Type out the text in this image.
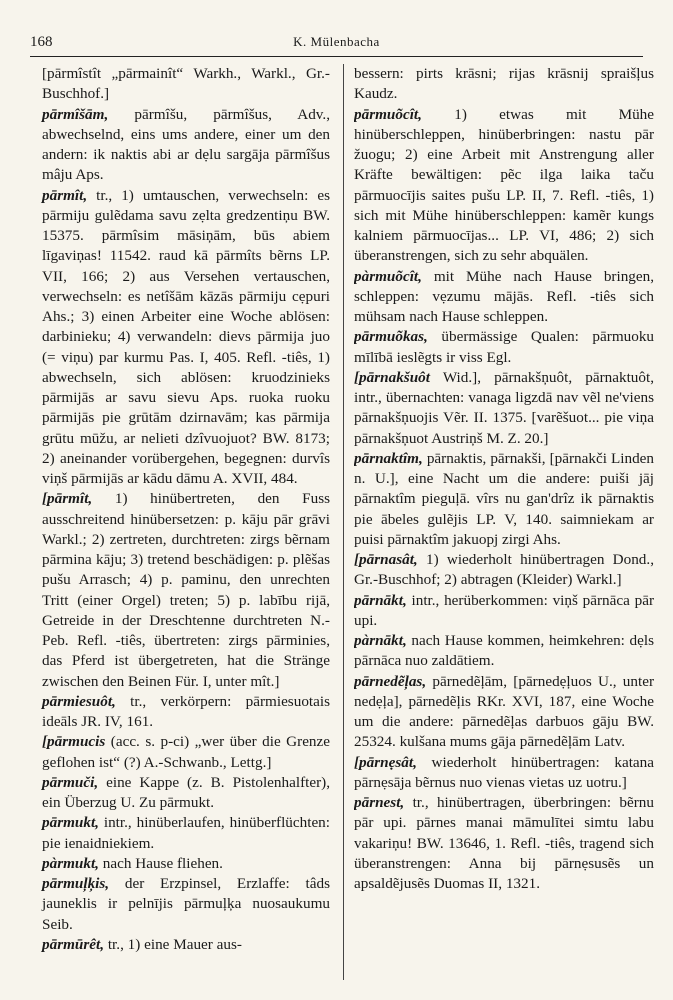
168	K. Mülenbacha

[pārmîstît „pārmainît“ Warkh., Warkl., Gr.-Buschhof.]

pārmîšām, pārmîšu, pārmîšus, Adv., abwechselnd, eins ums andere, einer um den andern: ik naktis abi ar dẹlu sargāja pārmîšus mâju Aps.

pārmît, tr., 1) umtauschen, verwechseln: es pārmiju gulẽdama savu zẹlta gredzentiņu BW. 15375. pārmîsim māsiņām, būs abiem līgaviņas! 11542. raud kā pārmîts bẽrns LP. VII, 166; 2) aus Versehen vertauschen, verwechseln: es netîšām kāzās pārmiju cẹpuri Ahs.; 3) einen Arbeiter eine Woche ablösen: darbinieku; 4) verwandeln: dievs pārmija juo (= viņu) par kurmu Pas. I, 405. Refl. -tiês, 1) abwechseln, sich ablösen: kruodzinieks pārmijās ar savu sievu Aps. ruoka ruoku pārmijās pie grūtām dzirnavām; kas pārmija grūtu mūžu, ar nelieti dzîvuojuot? BW. 8173; 2) aneinander vorübergehen, begegnen: durvîs viņš pārmijās ar kādu dāmu A. XVII, 484.

[pārmît, 1) hinübertreten, den Fuss ausschreitend hinübersetzen: p. kāju pār grāvi Warkl.; 2) zertreten, durchtreten: zirgs bẽrnam pārmina kāju; 3) tretend beschädigen: p. plẽšas pušu Arrasch; 4) p. paminu, den unrechten Tritt (einer Orgel) treten; 5) p. labību rijā, Getreide in der Dreschtenne durchtreten N.-Peb. Refl. -tiês, übertreten: zirgs pārminies, das Pferd ist übergetreten, hat die Stränge zwischen den Beinen Für. I, unter mît.]

pārmiesuôt, tr., verkörpern: pārmiesuotais ideāls JR. IV, 161.

[pārmucis (acc. s. p-ci) „wer über die Grenze geflohen ist“ (?) A.-Schwanb., Lettg.]

pārmuči, eine Kappe (z. B. Pistolenhalfter), ein Überzug U. Zu pārmukt.

pārmukt, intr., hinüberlaufen, hinüberflüchten: pie ienaidniekiem.

pàrmukt, nach Hause fliehen.

pārmuļķis, der Erzpinsel, Erzlaffe: tâds jauneklis ir pelnījis pārmuļķa nuosaukumu Seib.

pārmūrêt, tr., 1) eine Mauer aus-

bessern: pirts krāsni; rijas krāsnij spraišļus Kaudz.

pārmuõcît, 1) etwas mit Mühe hinüberschleppen, hinüberbringen: nastu pār žuogu; 2) eine Arbeit mit Anstrengung aller Kräfte bewältigen: pẽc ilga laika taču pārmuocījis saites pušu LP. II, 7. Refl. -tiês, 1) sich mit Mühe hinüberschleppen: kamẽr kungs kalniem pārmuocījas... LP. VI, 486; 2) sich überanstrengen, sich zu sehr abquälen.

pàrmuõcît, mit Mühe nach Hause bringen, schleppen: vẹzumu mājās. Refl. -tiês sich mühsam nach Hause schleppen.

pārmuõkas, übermässige Qualen: pārmuoku mīlībā ieslẽgts ir viss Egl.

[pārnakšuôt Wid.], pārnakšņuôt, pārnaktuôt, intr., übernachten: vanaga ligzdā nav vẽl ne'viens pārnakšņuojis Vẽr. II. 1375. [varẽšuot... pie viņa pārnakšņuot Austriņš M. Z. 20.]

pārnaktîm, pārnaktis, pārnakši, [pārnakči Linden n. U.], eine Nacht um die andere: puiši jāj pārnaktîm pieguļā. vîrs nu gan'drîz ik pārnaktis pie ābeles gulẽjis LP. V, 140. saimniekam ar puisi pārnaktîm jakuopj zirgi Ahs.

[pārnasât, 1) wiederholt hinübertragen Dond., Gr.-Buschhof; 2) abtragen (Kleider) Warkl.]

pārnākt, intr., herüberkommen: viņš pārnāca pār upi.

pàrnākt, nach Hause kommen, heimkehren: dẹls pārnāca nuo zaldātiem.

pārnedẽļas, pārnedẽļām, [pārnedẹļuos U., unter nedẹļa], pārnedẽļis RKr. XVI, 187, eine Woche um die andere: pārnedẽļas darbuos gāju BW. 25324. kulšana mums gāja pārnedẽļām Latv.

[pārnẹsât, wiederholt hinübertragen: katana pārnẹsāja bẽrnus nuo vienas vietas uz uotru.]

pārnest, tr., hinübertragen, überbringen: bẽrnu pār upi. pārnes manai māmulītei simtu labu vakariņu! BW. 13646, 1. Refl. -tiês, tragend sich überanstrengen: Anna bij pārnẹsusẽs un apsaldẽjusẽs Duomas II, 1321.
